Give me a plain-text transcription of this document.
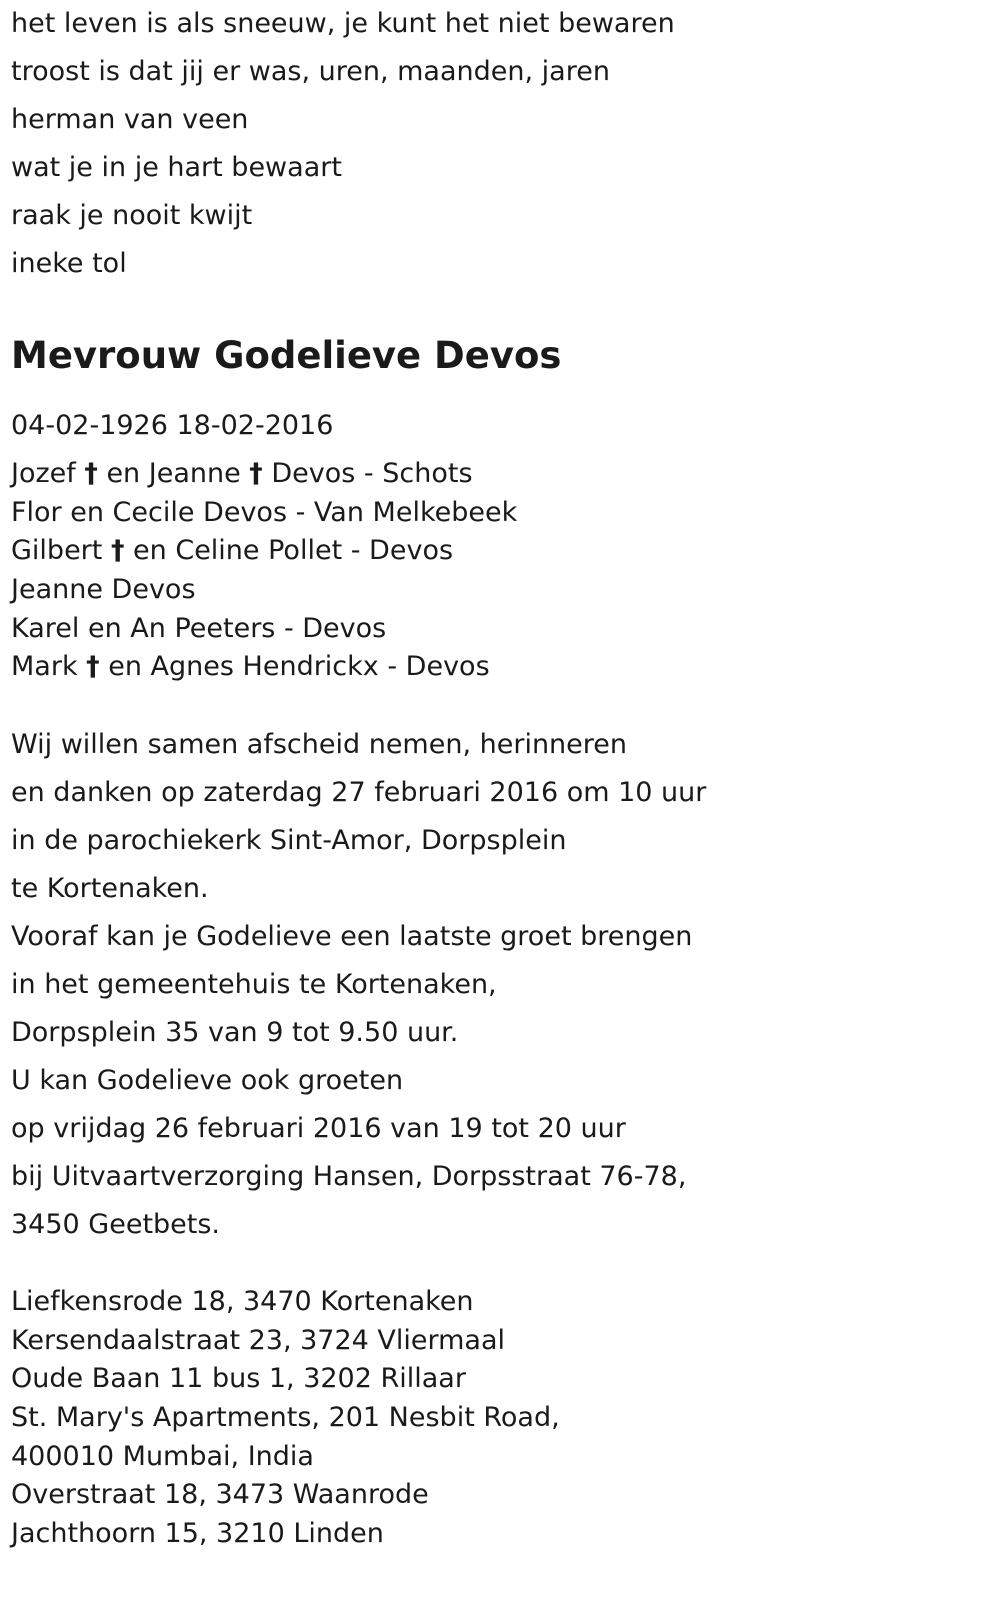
het leven is als sneeuw, je kunt het niet bewaren
troost is dat jij er was, uren, maanden, jaren
herman van veen
wat je in je hart bewaart
raak je nooit kwijt
ineke tol
Mevrouw Godelieve Devos
04-02-1926 18-02-2016
Jozef † en Jeanne † Devos - Schots
Flor en Cecile Devos - Van Melkebeek
Gilbert † en Celine Pollet - Devos
Jeanne Devos
Karel en An Peeters - Devos
Mark † en Agnes Hendrickx - Devos
Wij willen samen afscheid nemen, herinneren
en danken op zaterdag 27 februari 2016 om 10 uur
in de parochiekerk Sint-Amor, Dorpsplein
te Kortenaken.
Vooraf kan je Godelieve een laatste groet brengen
in het gemeentehuis te Kortenaken,
Dorpsplein 35 van 9 tot 9.50 uur.
U kan Godelieve ook groeten
op vrijdag 26 februari 2016 van 19 tot 20 uur
bij Uitvaartverzorging Hansen, Dorpsstraat 76-78,
3450 Geetbets.
Liefkensrode 18, 3470 Kortenaken
Kersendaalstraat 23, 3724 Vliermaal
Oude Baan 11 bus 1, 3202 Rillaar
St. Mary's Apartments, 201 Nesbit Road,
400010 Mumbai, India
Overstraat 18, 3473 Waanrode
Jachthoorn 15, 3210 Linden
